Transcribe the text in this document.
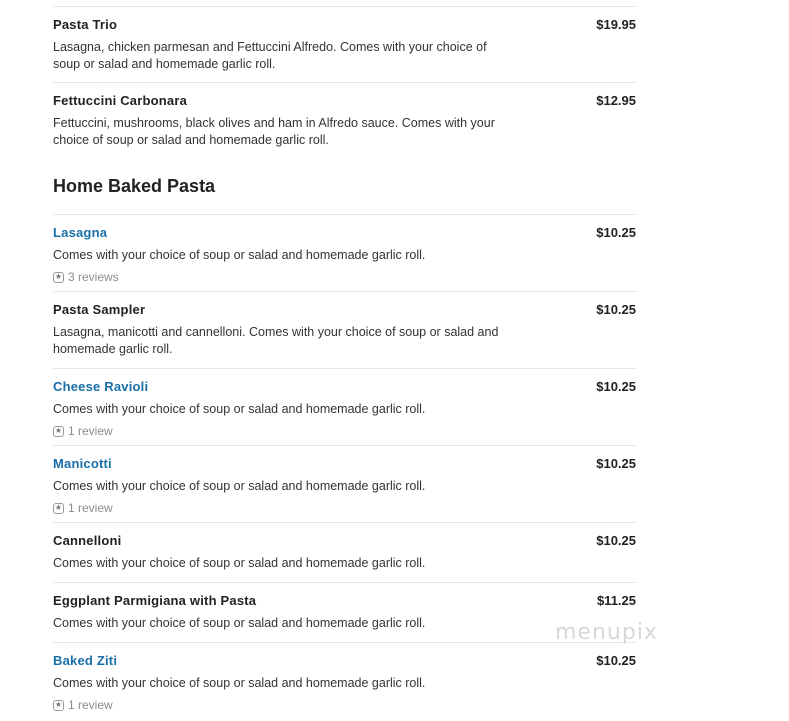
Pasta Trio	$19.95
Lasagna, chicken parmesan and Fettuccini Alfredo. Comes with your choice of soup or salad and homemade garlic roll.
Fettuccini Carbonara	$12.95
Fettuccini, mushrooms, black olives and ham in Alfredo sauce. Comes with your choice of soup or salad and homemade garlic roll.
Home Baked Pasta
Lasagna	$10.25
Comes with your choice of soup or salad and homemade garlic roll.
★ 3 reviews
Pasta Sampler	$10.25
Lasagna, manicotti and cannelloni. Comes with your choice of soup or salad and homemade garlic roll.
Cheese Ravioli	$10.25
Comes with your choice of soup or salad and homemade garlic roll.
★ 1 review
Manicotti	$10.25
Comes with your choice of soup or salad and homemade garlic roll.
★ 1 review
Cannelloni	$10.25
Comes with your choice of soup or salad and homemade garlic roll.
Eggplant Parmigiana with Pasta	$11.25
Comes with your choice of soup or salad and homemade garlic roll.
Baked Ziti	$10.25
Comes with your choice of soup or salad and homemade garlic roll.
★ 1 review
menupix
